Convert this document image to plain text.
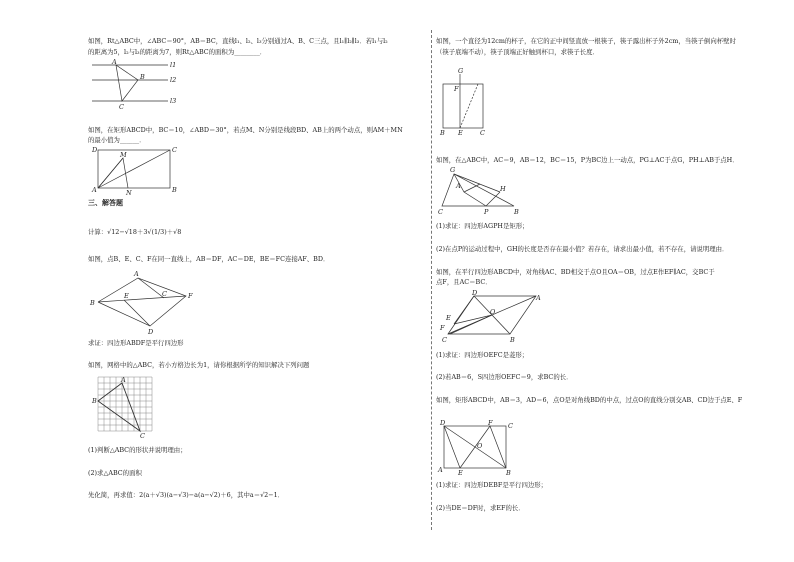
如图，Rt△ABC中，∠ABC＝90°，AB＝BC，直线l₁、l₂、l₃分别通过A、B、C三点，且l₁∥l₂∥l₃．若l₁与l₂
的距离为5，l₂与l₃的距离为7，则Rt△ABC的面积为________．
A
B
C
l1
l2
l3
如图，在矩形ABCD中，BC＝10，∠ABD＝30°，若点M、N分别是线段BD、AB上的两个动点，则AM＋MN
的最小值为______．
D	C
M
A	N	B
三、解答题
计算：√12−√18＋3√(1/3)＋√8
如图，点B、E、C、F在同一直线上，AB＝DF，AC＝DE，BE＝FC连接AF、BD．
A
B
E	C	F
D
求证：四边形ABDF是平行四边形
如图，网格中的△ABC，若小方格边长为1，请你根据所学的知识解决下列问题
A
B
C
(1)判断△ABC的形状并说明理由；
(2)求△ABC的面积
先化简，再求值：2(a＋√3)(a−√3)−a(a−√2)＋6，其中a＝√2−1．
如图，一个直径为12cm的杯子，在它的正中间竖直放一根筷子，筷子露出杯子外2cm，当筷子倒向杯壁时
（筷子底端不动），筷子顶端正好触到杯口，求筷子长度．
G
F
B E	C
如图，在△ABC中，AC＝9，AB＝12，BC＝15，P为BC边上一动点，PG⊥AC于点G，PH⊥AB于点H．
G
A	H
C	P	B
(1)求证：四边形AGPH是矩形；
(2)在点P的运动过程中，GH的长度是否存在最小值？若存在，请求出最小值，若不存在，请说明理由．
如图，在平行四边形ABCD中，对角线AC、BD相交于点O且OA＝OB，过点E作EF∥AC，交BC于
点F，且AC＝BC．
A
D
E
O
F
B
C
(1)求证：四边形OEFC是菱形；
(2)若AB＝6，S四边形OEFC＝9，求BC的长．
如图，矩形ABCD中，AB＝3，AD＝6，点O是对角线BD的中点，过点O的直线分别交AB、CD边于点E、F
D	F C
O
A E	B
(1)求证：四边形DEBF是平行四边形；
(2)当DE＝DF时，求EF的长．
